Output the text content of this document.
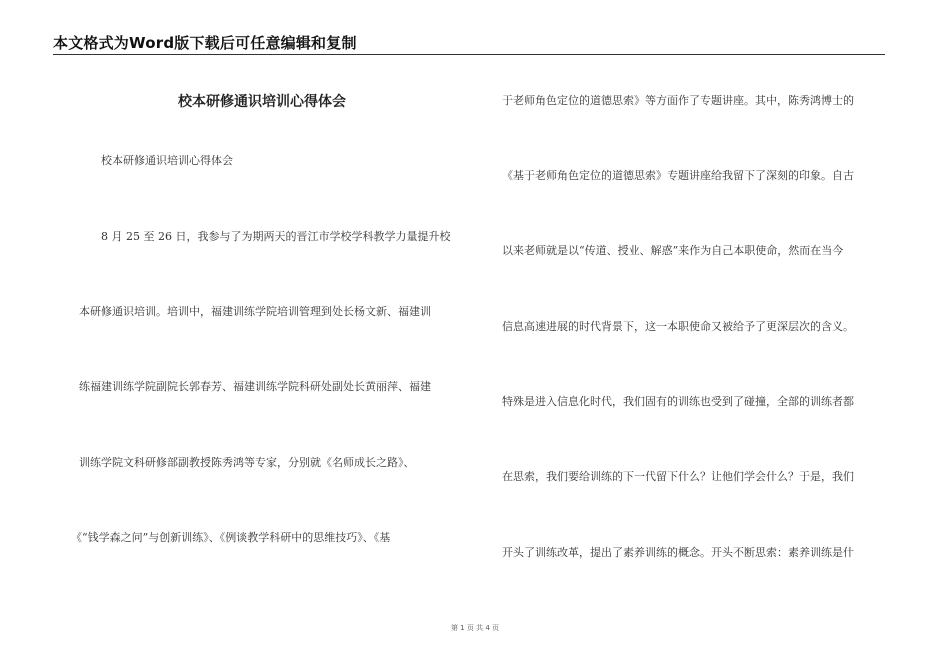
本文格式为Word版下载后可任意编辑和复制
校本研修通识培训心得体会
校本研修通识培训心得体会
8 月 25 至 26 日，我参与了为期两天的晋江市学校学科教学力量提升校
本研修通识培训。培训中，福建训练学院培训管理到处长杨文新、福建训
练福建训练学院副院长郭春芳、福建训练学院科研处副处长黄丽萍、福建
训练学院文科研修部副教授陈秀鸿等专家，分别就《名师成长之路》、
《“钱学森之问”与创新训练》、《例谈教学科研中的思维技巧》、《基
于老师角色定位的道德思索》等方面作了专题讲座。其中，陈秀鸿博士的
《基于老师角色定位的道德思索》专题讲座给我留下了深刻的印象。自古
以来老师就是以“传道、授业、解惑”来作为自己本职使命，然而在当今
信息高速进展的时代背景下，这一本职使命又被给予了更深层次的含义。
特殊是进入信息化时代，我们固有的训练也受到了碰撞，全部的训练者都
在思索，我们要给训练的下一代留下什么？让他们学会什么？于是，我们
开头了训练改革，提出了素养训练的概念。开头不断思索：素养训练是什
第 1 页 共 4 页
